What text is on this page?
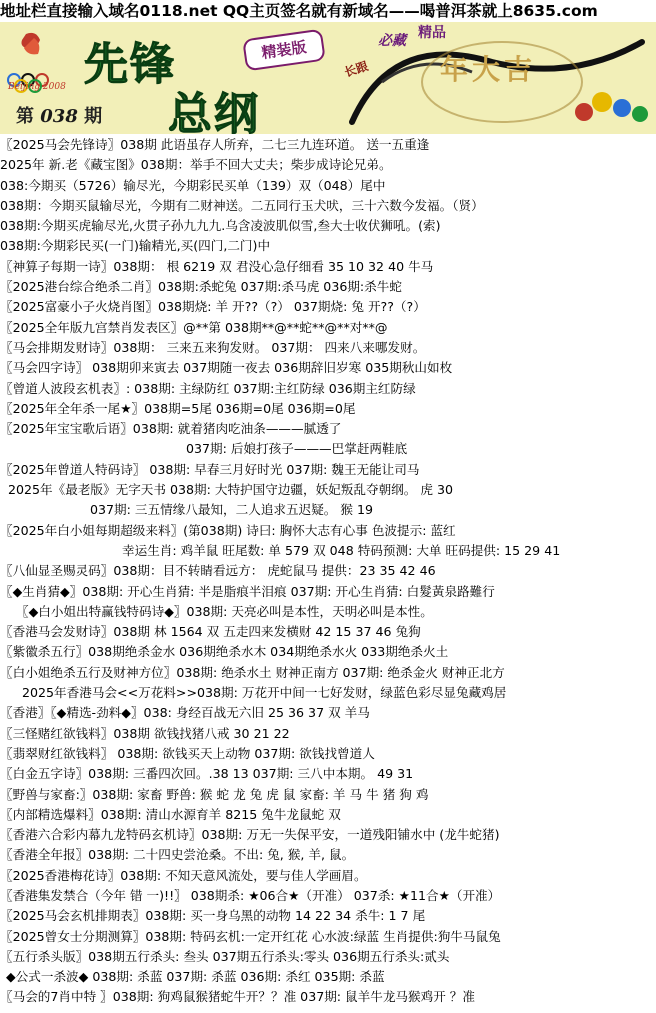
地址栏直接输入域名0118.net QQ主页签名就有新域名——喝普洱茶就上8635.com
Beijing 2008 先锋
总纲
精装版
第 038 期
长跟
必藏 精品
年大吉
〖2025马会先锋诗〗038期 此语虽存人所弃，二七三九连环道。 送一五重逢
2025年 新.老《藏宝图》038期：举手不回大丈夫；柴步成诗论兄弟。
038:今期买（5726）输尽光，今期彩民买单（139）双（048）尾中
038期：今期买鼠输尽光，今期有二财神送。二五同行玉犬吠，三十六数今发福。（贤）
038期:今期买虎输尽光,火贯子孙九九九.乌含凌波肌似雪,叁大士收伏狮吼。(索)
038期:今期彩民买(一门)输精光,买(四门,二门)中
〖神算子每期一诗〗038期： 根 6219 双 君没心急仔细看 35 10 32 40 牛马
〖2025港台综合绝杀二肖〗038期:杀蛇兔 037期:杀马虎 036期:杀牛蛇
〖2025富豪小子火烧肖图〗038期烧: 羊 开??（?） 037期烧: 兔 开??（?）
〖2025全年版九宫禁肖发表区〗@**第 038期**@**蛇**@**对**@
〖马会排期发财诗〗038期： 三来五来狗发财。 037期： 四来八来哪发财。
〖马会四字诗〗 038期卯来寅去 037期随一夜去 036期辞旧岁寒 035期秋山如枚
〖曾道人波段玄机表〗: 038期: 主绿防红 037期:主红防绿 036期主红防绿
〖2025年全年杀一尾★〗038期=5尾 036期=0尾 036期=0尾
〖2025年宝宝歌后语〗038期: 就着猪肉吃油条———腻透了
037期: 后娘打孩子———巴掌赶两鞋底
〖2025年曾道人特码诗〗 038期: 早春三月好时光 037期: 魏王无能让司马
2025年《最老版》无字天书 038期: 大特护国守边疆，妖妃叛乱夺朝纲。 虎 30
037期: 三五情缘八最知，二人追求五迟疑。 猴 19
〖2025年白小姐每期超级来料〗(第038期) 诗曰: 胸怀大志有心事 色波提示: 蓝红
幸运生肖: 鸡羊鼠 旺尾数: 单 579 双 048 特码预测: 大单 旺码提供: 15 29 41
〖八仙显圣赐灵码〗038期：目不转睛看远方： 虎蛇鼠马 提供：23 35 42 46
〖◆生肖猜◆〗038期: 开心生肖猜: 半是脂痕半泪痕 037期: 开心生肖猜: 白髮黃泉路難行
〖◆白小姐出特赢钱特码诗◆〗038期: 天亮必叫是本性，天明必叫是本性。
〖香港马会发财诗〗038期 林 1564 双 五走四来发横财 42 15 37 46 兔狗
〖紫徽杀五行〗038期绝杀金水 036期绝杀水木 034期绝杀水火 033期绝杀火土
〖白小姐绝杀五行及财神方位〗038期: 绝杀水土 财神正南方 037期: 绝杀金火 财神正北方
2025年香港马会<<万花料>>038期: 万花开中间一七好发财，绿蓝色彩尽显兔藏鸡居
〖香港〗〖◆精选-劲料◆〗038: 身经百战无六旧 25 36 37 双 羊马
〖三怪赌红欲钱料〗038期 欲钱找猪八戒 30 21 22
〖翡翠财红欲钱料〗 038期: 欲钱买天上动物 037期: 欲钱找曾道人
〖白金五字诗〗038期: 三番四次回。.38 13 037期: 三八中本期。 49 31
〖野兽与家畜:〗038期: 家畜 野兽: 猴 蛇 龙 兔 虎 鼠 家畜: 羊 马 牛 猪 狗 鸡
〖内部精选爆料〗038期: 清山水源育羊 8215 兔牛龙鼠蛇 双
〖香港六合彩内幕九龙特码玄机诗〗038期: 万无一失保平安，一道残阳铺水中 (龙牛蛇猪)
〖香港全年报〗038期: 二十四史尝沧桑。不出: 兔, 猴, 羊, 鼠。
〖2025香港梅花诗〗038期: 不知天意风流处，要与佳人学画眉。
〖香港集发禁合（今年 错 一)!!〗 038期杀: ★06合★（开准） 037杀: ★11合★（开准）
〖2025马会玄机排期表〗038期: 买一身乌黑的动物 14 22 34 杀牛: 1 7 尾
〖2025曾女士分期测算〗038期: 特码玄机:一定开红花 心水波:绿蓝 生肖提供:狗牛马鼠兔
〖五行杀头版〗038期五行杀头: 叁头 037期五行杀头:零头 036期五行杀头:贰头
◆公式一杀波◆ 038期: 杀蓝 037期: 杀蓝 036期: 杀红 035期: 杀蓝
〖马会的7肖中特 〗038期: 狗鸡鼠猴猪蛇牛开？？准 037期: 鼠羊牛龙马猴鸡开 ？准
